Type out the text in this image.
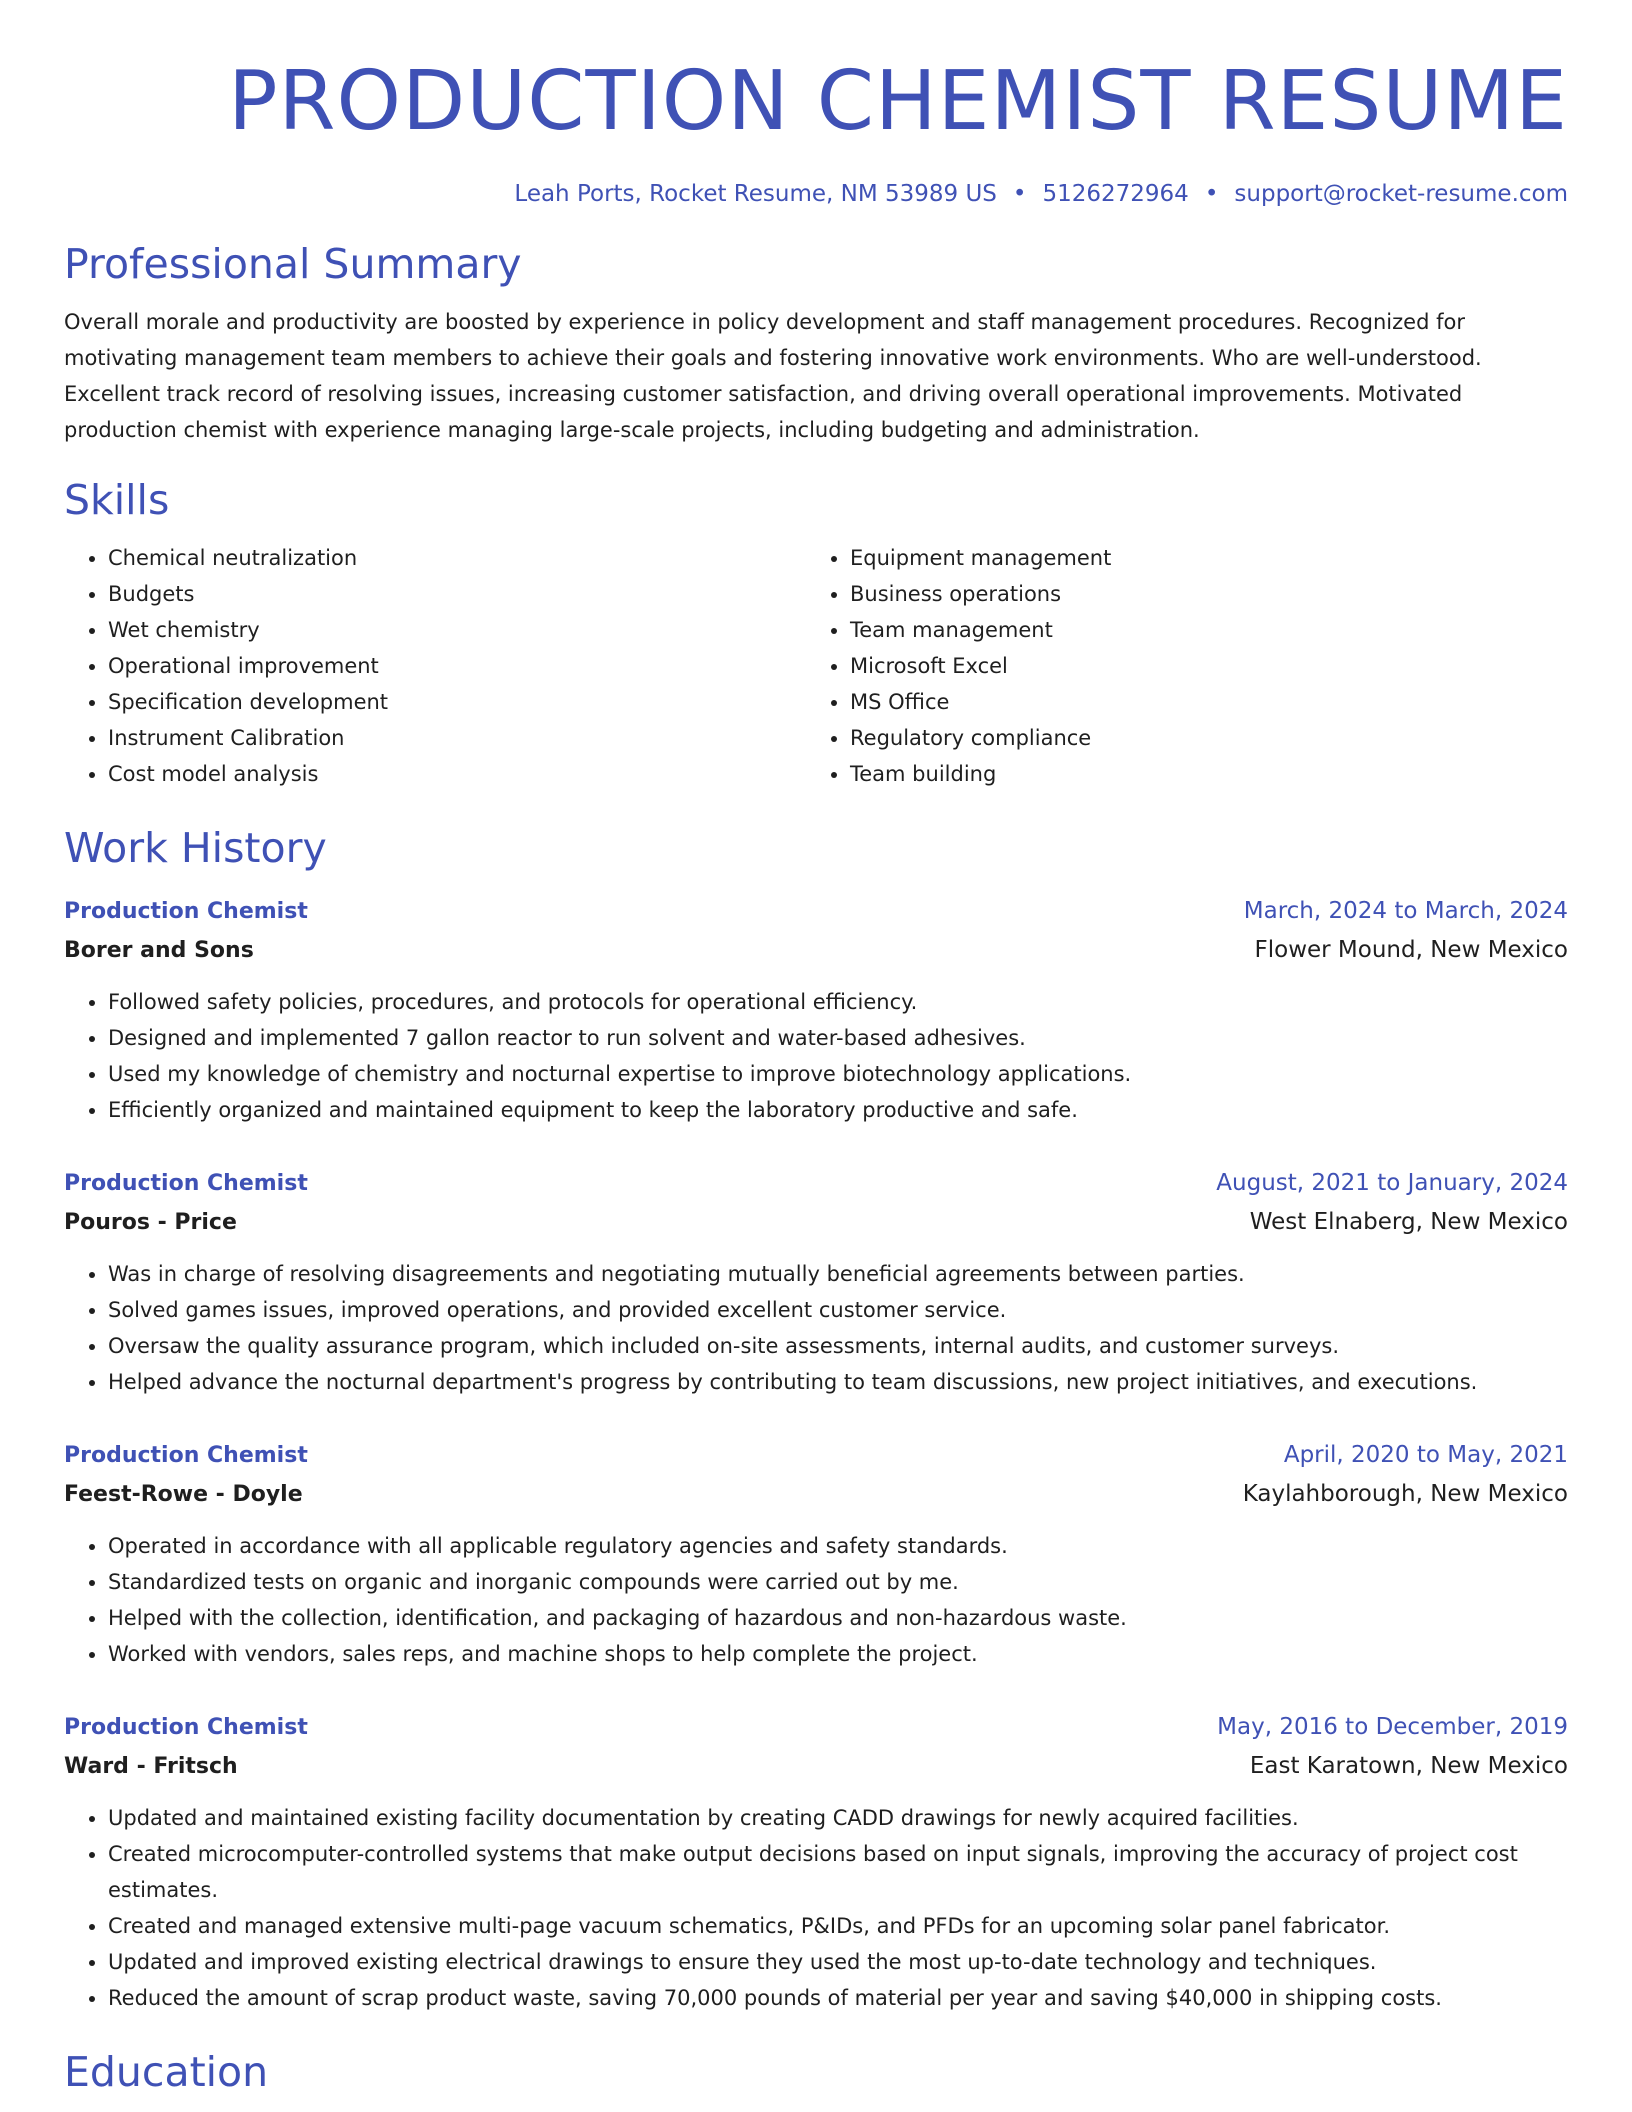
PRODUCTION CHEMIST RESUME
Leah Ports, Rocket Resume, NM 53989 US • 5126272964 • support@rocket-resume.com
Professional Summary

Overall morale and productivity are boosted by experience in policy development and staff management procedures. Recognized for motivating management team members to achieve their goals and fostering innovative work environments. Who are well-understood. Excellent track record of resolving issues, increasing customer satisfaction, and driving overall operational improvements. Motivated production chemist with experience managing large-scale projects, including budgeting and administration.

Skills
• Chemical neutralization
• Budgets
• Wet chemistry
• Operational improvement
• Specification development
• Instrument Calibration
• Cost model analysis
• Equipment management
• Business operations
• Team management
• Microsoft Excel
• MS Office
• Regulatory compliance
• Team building
Work History
Production Chemist	March, 2024 to March, 2024
Borer and Sons	Flower Mound, New Mexico
• Followed safety policies, procedures, and protocols for operational efficiency.
• Designed and implemented 7 gallon reactor to run solvent and water-based adhesives.
• Used my knowledge of chemistry and nocturnal expertise to improve biotechnology applications.
• Efficiently organized and maintained equipment to keep the laboratory productive and safe.
Production Chemist	August, 2021 to January, 2024
Pouros - Price	West Elnaberg, New Mexico
• Was in charge of resolving disagreements and negotiating mutually beneficial agreements between parties.
• Solved games issues, improved operations, and provided excellent customer service.
• Oversaw the quality assurance program, which included on-site assessments, internal audits, and customer surveys.
• Helped advance the nocturnal department's progress by contributing to team discussions, new project initiatives, and executions.
Production Chemist	April, 2020 to May, 2021
Feest-Rowe - Doyle	Kaylahborough, New Mexico
• Operated in accordance with all applicable regulatory agencies and safety standards.
• Standardized tests on organic and inorganic compounds were carried out by me.
• Helped with the collection, identification, and packaging of hazardous and non-hazardous waste.
• Worked with vendors, sales reps, and machine shops to help complete the project.
Production Chemist	May, 2016 to December, 2019
Ward - Fritsch	East Karatown, New Mexico
• Updated and maintained existing facility documentation by creating CADD drawings for newly acquired facilities.
• Created microcomputer-controlled systems that make output decisions based on input signals, improving the accuracy of project cost estimates.
• Created and managed extensive multi-page vacuum schematics, P&IDs, and PFDs for an upcoming solar panel fabricator.
• Updated and improved existing electrical drawings to ensure they used the most up-to-date technology and techniques.
• Reduced the amount of scrap product waste, saving 70,000 pounds of material per year and saving $40,000 in shipping costs.
Education
